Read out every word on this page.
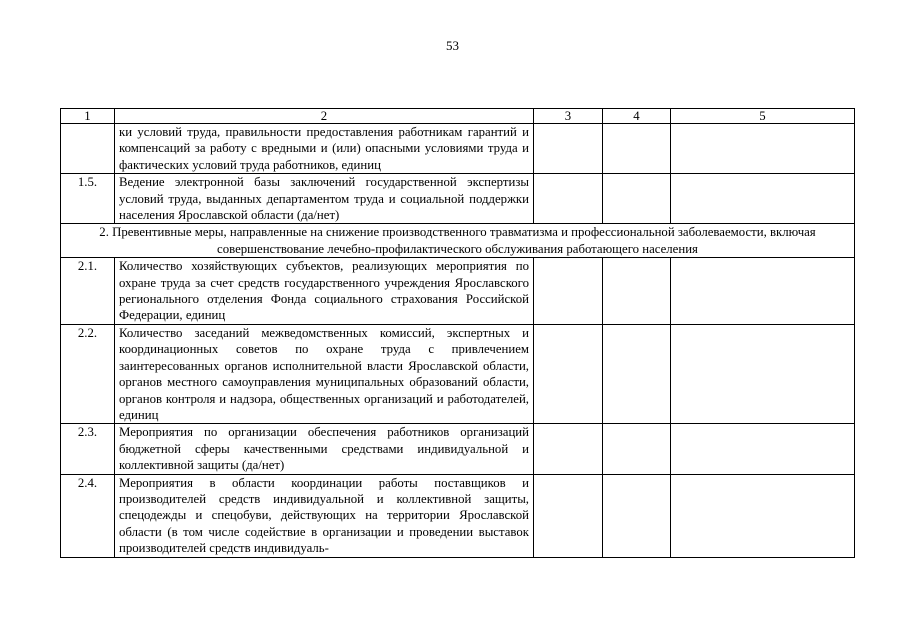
53
1	2	3	4	5
	ки условий труда, правильности предоставления работникам гарантий и компенсаций за работу с вредными и (или) опасными условиями труда и фактических условий труда работников, единиц			
1.5.	Ведение электронной базы заключений государственной экспертизы условий труда, выданных департаментом труда и социальной поддержки населения Ярославской области (да/нет)			
2. Превентивные меры, направленные на снижение производственного травматизма и профессиональной заболеваемости, включая совершенствование лечебно-профилактического обслуживания работающего населения				
2.1.	Количество хозяйствующих субъектов, реализующих мероприятия по охране труда за счет средств государственного учреждения Ярославского регионального отделения Фонда социального страхования Российской Федерации, единиц			
2.2.	Количество заседаний межведомственных комиссий, экспертных и координационных советов по охране труда с привлечением заинтересованных органов исполнительной власти Ярославской области, органов местного самоуправления муниципальных образований области, органов контроля и надзора, общественных организаций и работодателей, единиц			
2.3.	Мероприятия по организации обеспечения работников организаций бюджетной сферы качественными средствами индивидуальной и коллективной защиты (да/нет)			
2.4.	Мероприятия в области координации работы поставщиков и производителей средств индивидуальной и коллективной защиты, спецодежды и спецобуви, действующих на территории Ярославской области (в том числе содействие в организации и проведении выставок производителей средств индивидуаль-			
